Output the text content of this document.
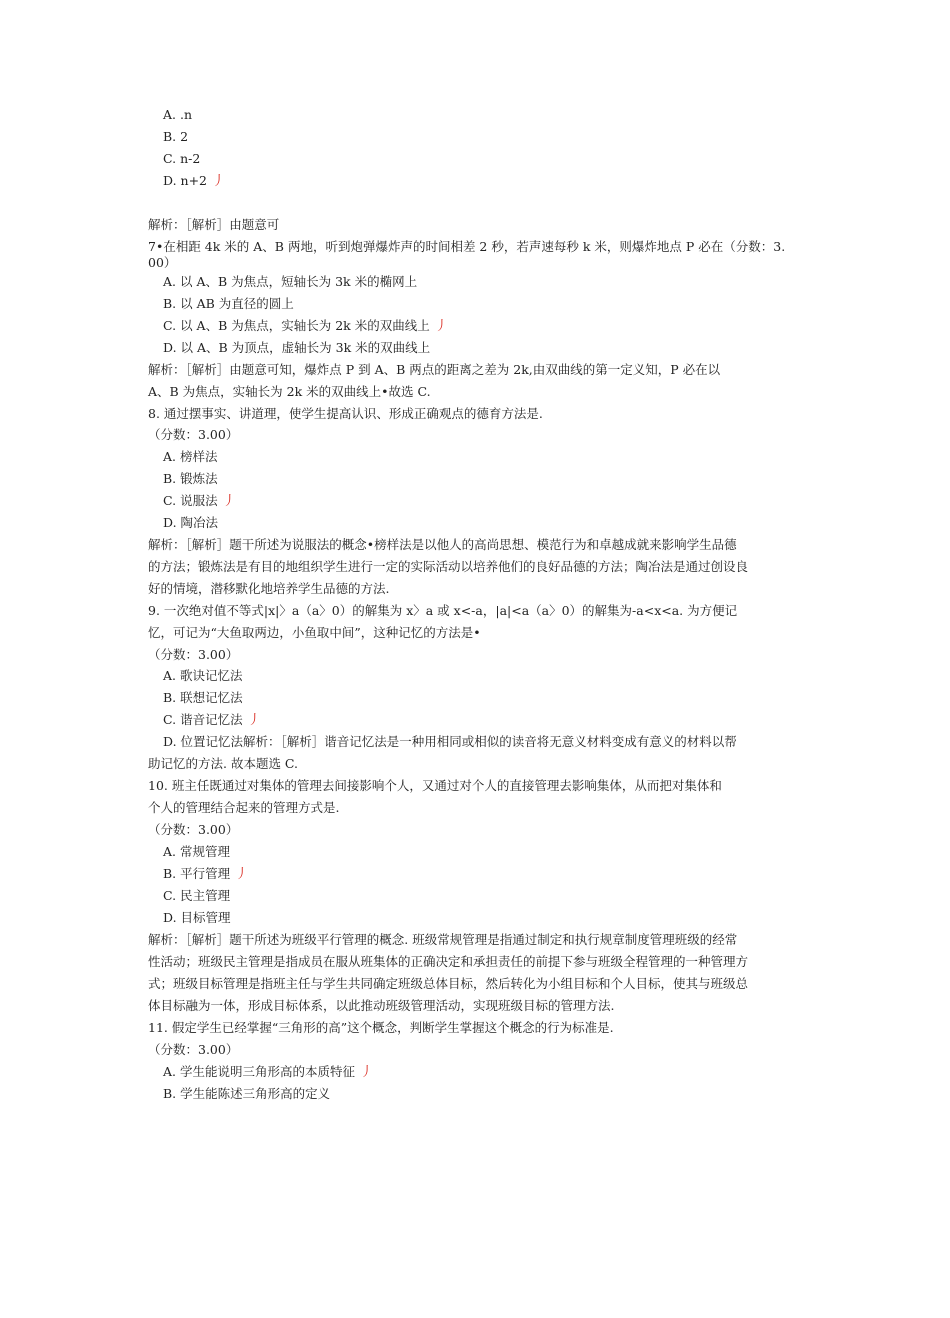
A. .n
B. 2
C. n-2
D. n+2 丿
解析：［解析］由题意可
7•在相距 4k 米的 A、B 两地，听到炮弹爆炸声的时间相差 2 秒，若声速每秒 k 米，则爆炸地点 P 必在（分数：3.
00）
A. 以 A、B 为焦点，短轴长为 3k 米的椭网上
B. 以 AB 为直径的圆上
C. 以 A、B 为焦点，实轴长为 2k 米的双曲线上 丿
D. 以 A、B 为顶点，虚轴长为 3k 米的双曲线上
解析：［解析］由题意可知，爆炸点 P 到 A、B 两点的距离之差为 2k,由双曲线的第一定义知，P 必在以
A、B 为焦点，实轴长为 2k 米的双曲线上•故选 C.
8. 通过摆事实、讲道理，使学生提高认识、形成正确观点的德育方法是.
（分数：3.00）
A. 榜样法
B. 锻炼法
C. 说服法 丿
D. 陶冶法
解析：［解析］题干所述为说服法的概念•榜样法是以他人的高尚思想、模范行为和卓越成就来影响学生品德
的方法；锻炼法是有目的地组织学生进行一定的实际活动以培养他们的良好品德的方法；陶冶法是通过创设良
好的情境，潜移默化地培养学生品德的方法.
9. 一次绝对值不等式|x|〉a（a〉0）的解集为 x〉a 或 x<-a，|a|<a（a〉0）的解集为-a<x<a. 为方便记
忆，可记为“大鱼取两边，小鱼取中间”，这种记忆的方法是•
（分数：3.00）
A. 歌诀记忆法
B. 联想记忆法
C. 谐音记忆法 丿
D. 位置记忆法解析：［解析］谐音记忆法是一种用相同或相似的读音将无意义材料变成有意义的材料以帮
助记忆的方法. 故本题选 C.
10. 班主任既通过对集体的管理去间接影响个人，又通过对个人的直接管理去影响集体，从而把对集体和
个人的管理结合起来的管理方式是.
（分数：3.00）
A. 常规管理
B. 平行管理 丿
C. 民主管理
D. 目标管理
解析：［解析］题干所述为班级平行管理的概念. 班级常规管理是指通过制定和执行规章制度管理班级的经常
性活动；班级民主管理是指成员在服从班集体的正确决定和承担责任的前提下参与班级全程管理的一种管理方
式；班级目标管理是指班主任与学生共同确定班级总体目标，然后转化为小组目标和个人目标，使其与班级总
体目标融为一体，形成目标体系，以此推动班级管理活动，实现班级目标的管理方法.
11. 假定学生已经掌握“三角形的高”这个概念，判断学生掌握这个概念的行为标准是.
（分数：3.00）
A. 学生能说明三角形高的本质特征 丿
B. 学生能陈述三角形高的定义
